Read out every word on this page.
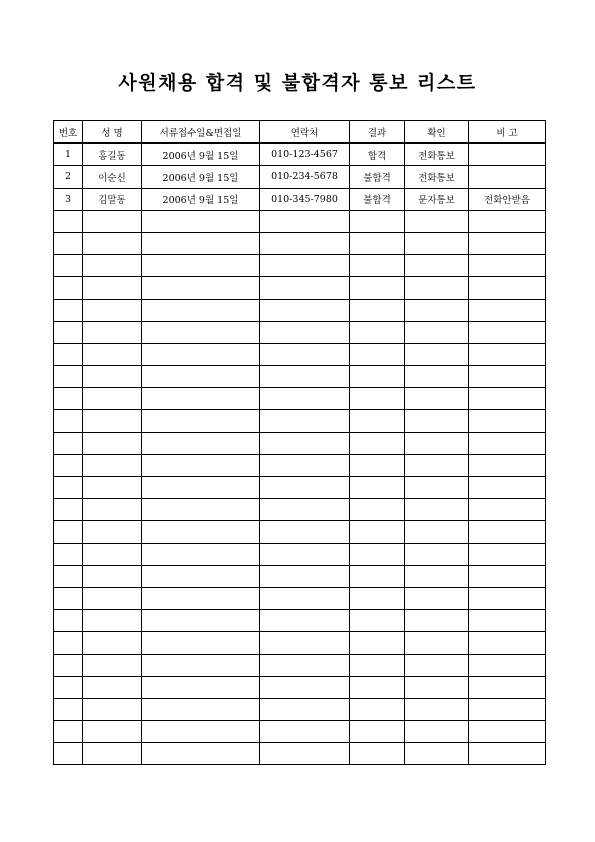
사원채용 합격 및 불합격자 통보 리스트
번호	성 명	서류접수일&면접일	연락처	결과	확인	비 고
1	홍길동	2006년 9월 15일	010-123-4567	합격	전화통보	
2	이순신	2006년 9월 15일	010-234-5678	불합격	전화통보	
3	김말동	2006년 9월 15일	010-345-7980	불합격	문자통보	전화안받음
